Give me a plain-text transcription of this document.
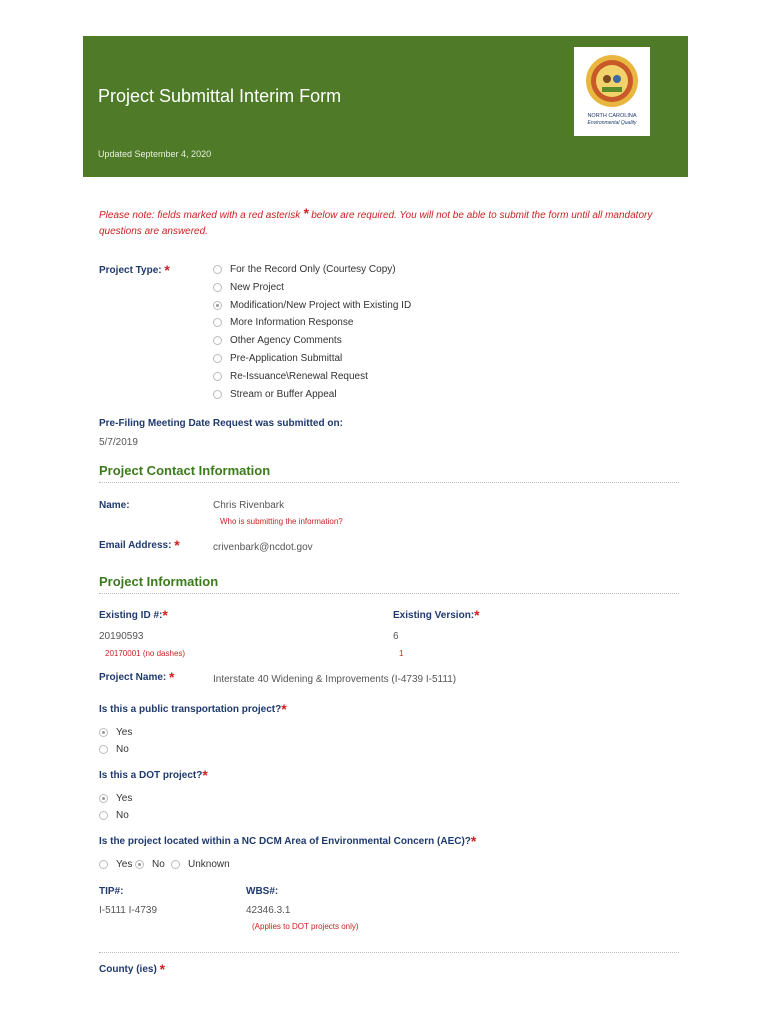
Project Submittal Interim Form
Updated September 4, 2020
NORTH CAROLINA
Environmental Quality
Please note: fields marked with a red asterisk * below are required. You will not be able to submit the form until all mandatory questions are answered.
Project Type: *	For the Record Only (Courtesy Copy)
New Project
Modification/New Project with Existing ID
More Information Response
Other Agency Comments
Pre-Application Submittal
Re-Issuance\Renewal Request
Stream or Buffer Appeal
Pre-Filing Meeting Date Request was submitted on:
5/7/2019
Project Contact Information
Name:	Chris Rivenbark
Who is submitting the information?
Email Address: *	crivenbark@ncdot.gov
Project Information
Existing ID #:*
20190593
20170001 (no dashes)
Existing Version:*
6
1
Project Name: *	Interstate 40 Widening & Improvements (I-4739 I-5111)
Is this a public transportation project?*
Yes
No
Is this a DOT project?*
Yes
No
Is the project located within a NC DCM Area of Environmental Concern (AEC)?*
Yes No Unknown
TIP#:
I-5111 I-4739
WBS#:
42346.3.1
(Applies to DOT projects only)
County (ies) *
